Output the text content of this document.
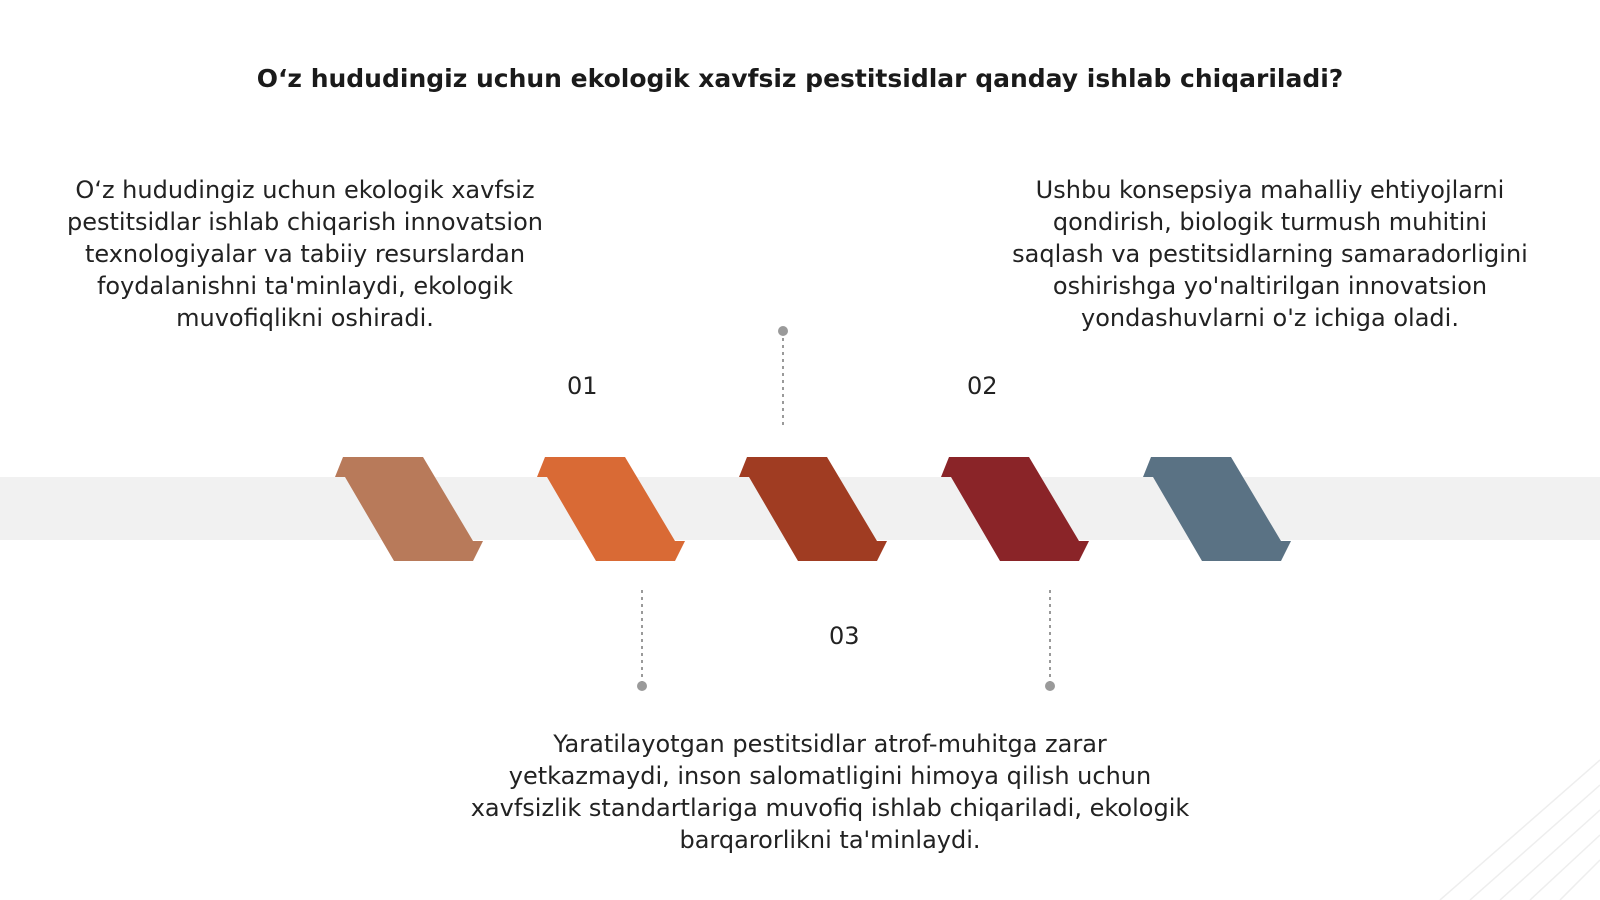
O‘z hududingiz uchun ekologik xavfsiz pestitsidlar qanday ishlab chiqariladi?
O‘z hududingiz uchun ekologik xavfsiz pestitsidlar ishlab chiqarish innovatsion texnologiyalar va tabiiy resurslardan foydalanishni ta'minlaydi, ekologik muvofiqlikni oshiradi.
Ushbu konsepsiya mahalliy ehtiyojlarni qondirish, biologik turmush muhitini saqlash va pestitsidlarning samaradorligini oshirishga yo'naltirilgan innovatsion yondashuvlarni o'z ichiga oladi.
Yaratilayotgan pestitsidlar atrof-muhitga zarar yetkazmaydi, inson salomatligini himoya qilish uchun xavfsizlik standartlariga muvofiq ishlab chiqariladi, ekologik barqarorlikni ta'minlaydi.
01	02
03
